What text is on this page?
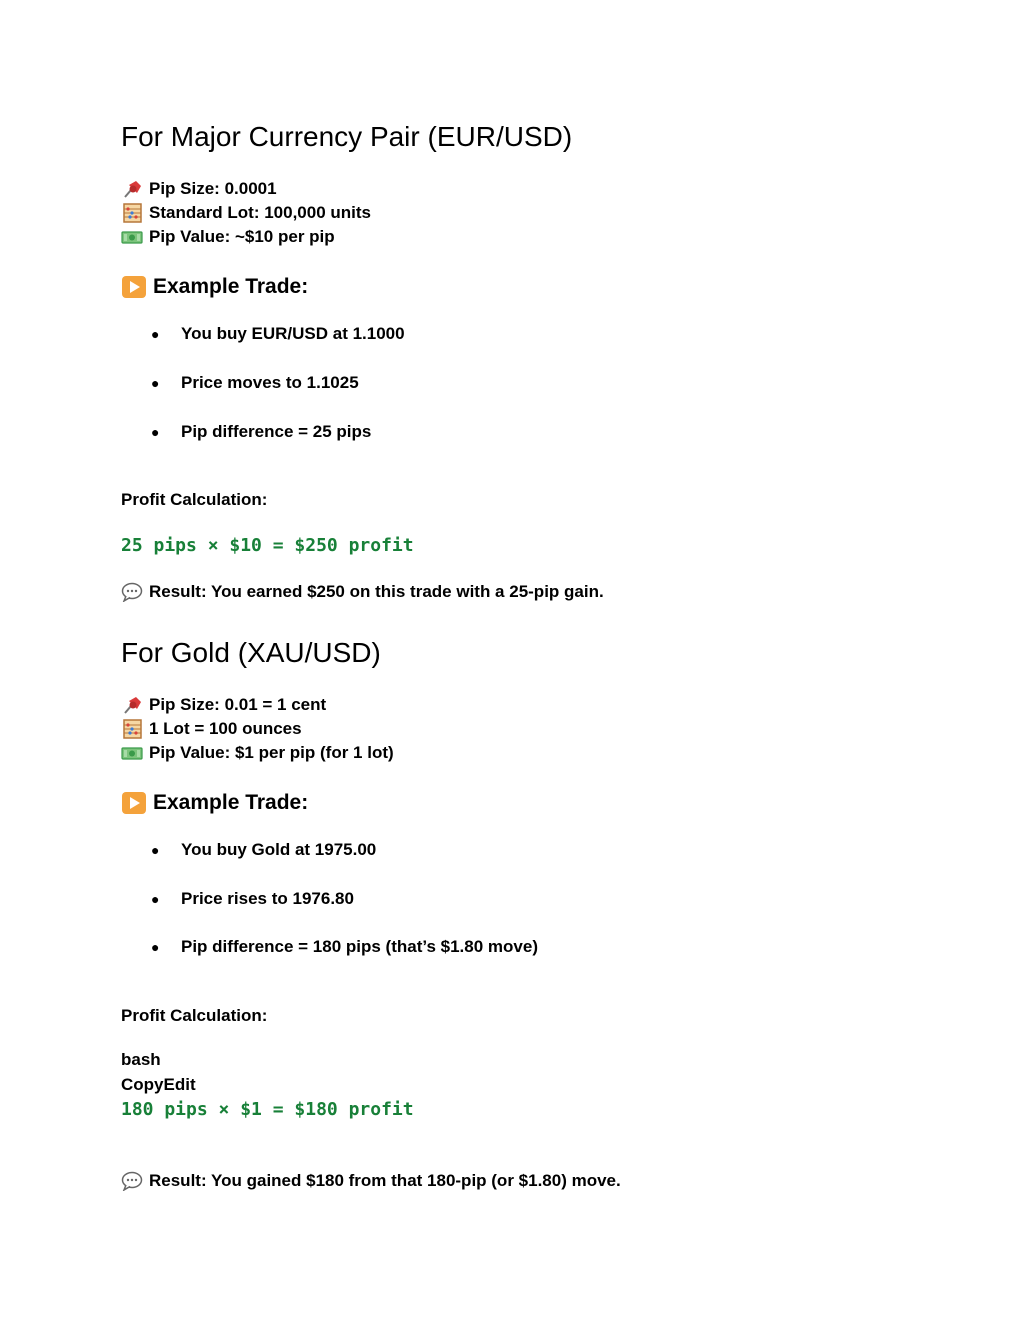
For Major Currency Pair (EUR/USD)
Pip Size: 0.0001
Standard Lot: 100,000 units
Pip Value: ~$10 per pip
Example Trade:
●	You buy EUR/USD at 1.1000
●	Price moves to 1.1025
●	Pip difference = 25 pips
Profit Calculation:
25 pips × $10 = $250 profit
Result: You earned $250 on this trade with a 25-pip gain.
For Gold (XAU/USD)
Pip Size: 0.01 = 1 cent
1 Lot = 100 ounces
Pip Value: $1 per pip (for 1 lot)
Example Trade:
●	You buy Gold at 1975.00
●	Price rises to 1976.80
●	Pip difference = 180 pips (that’s $1.80 move)
Profit Calculation:
bash
CopyEdit
180 pips × $1 = $180 profit
Result: You gained $180 from that 180-pip (or $1.80) move.
